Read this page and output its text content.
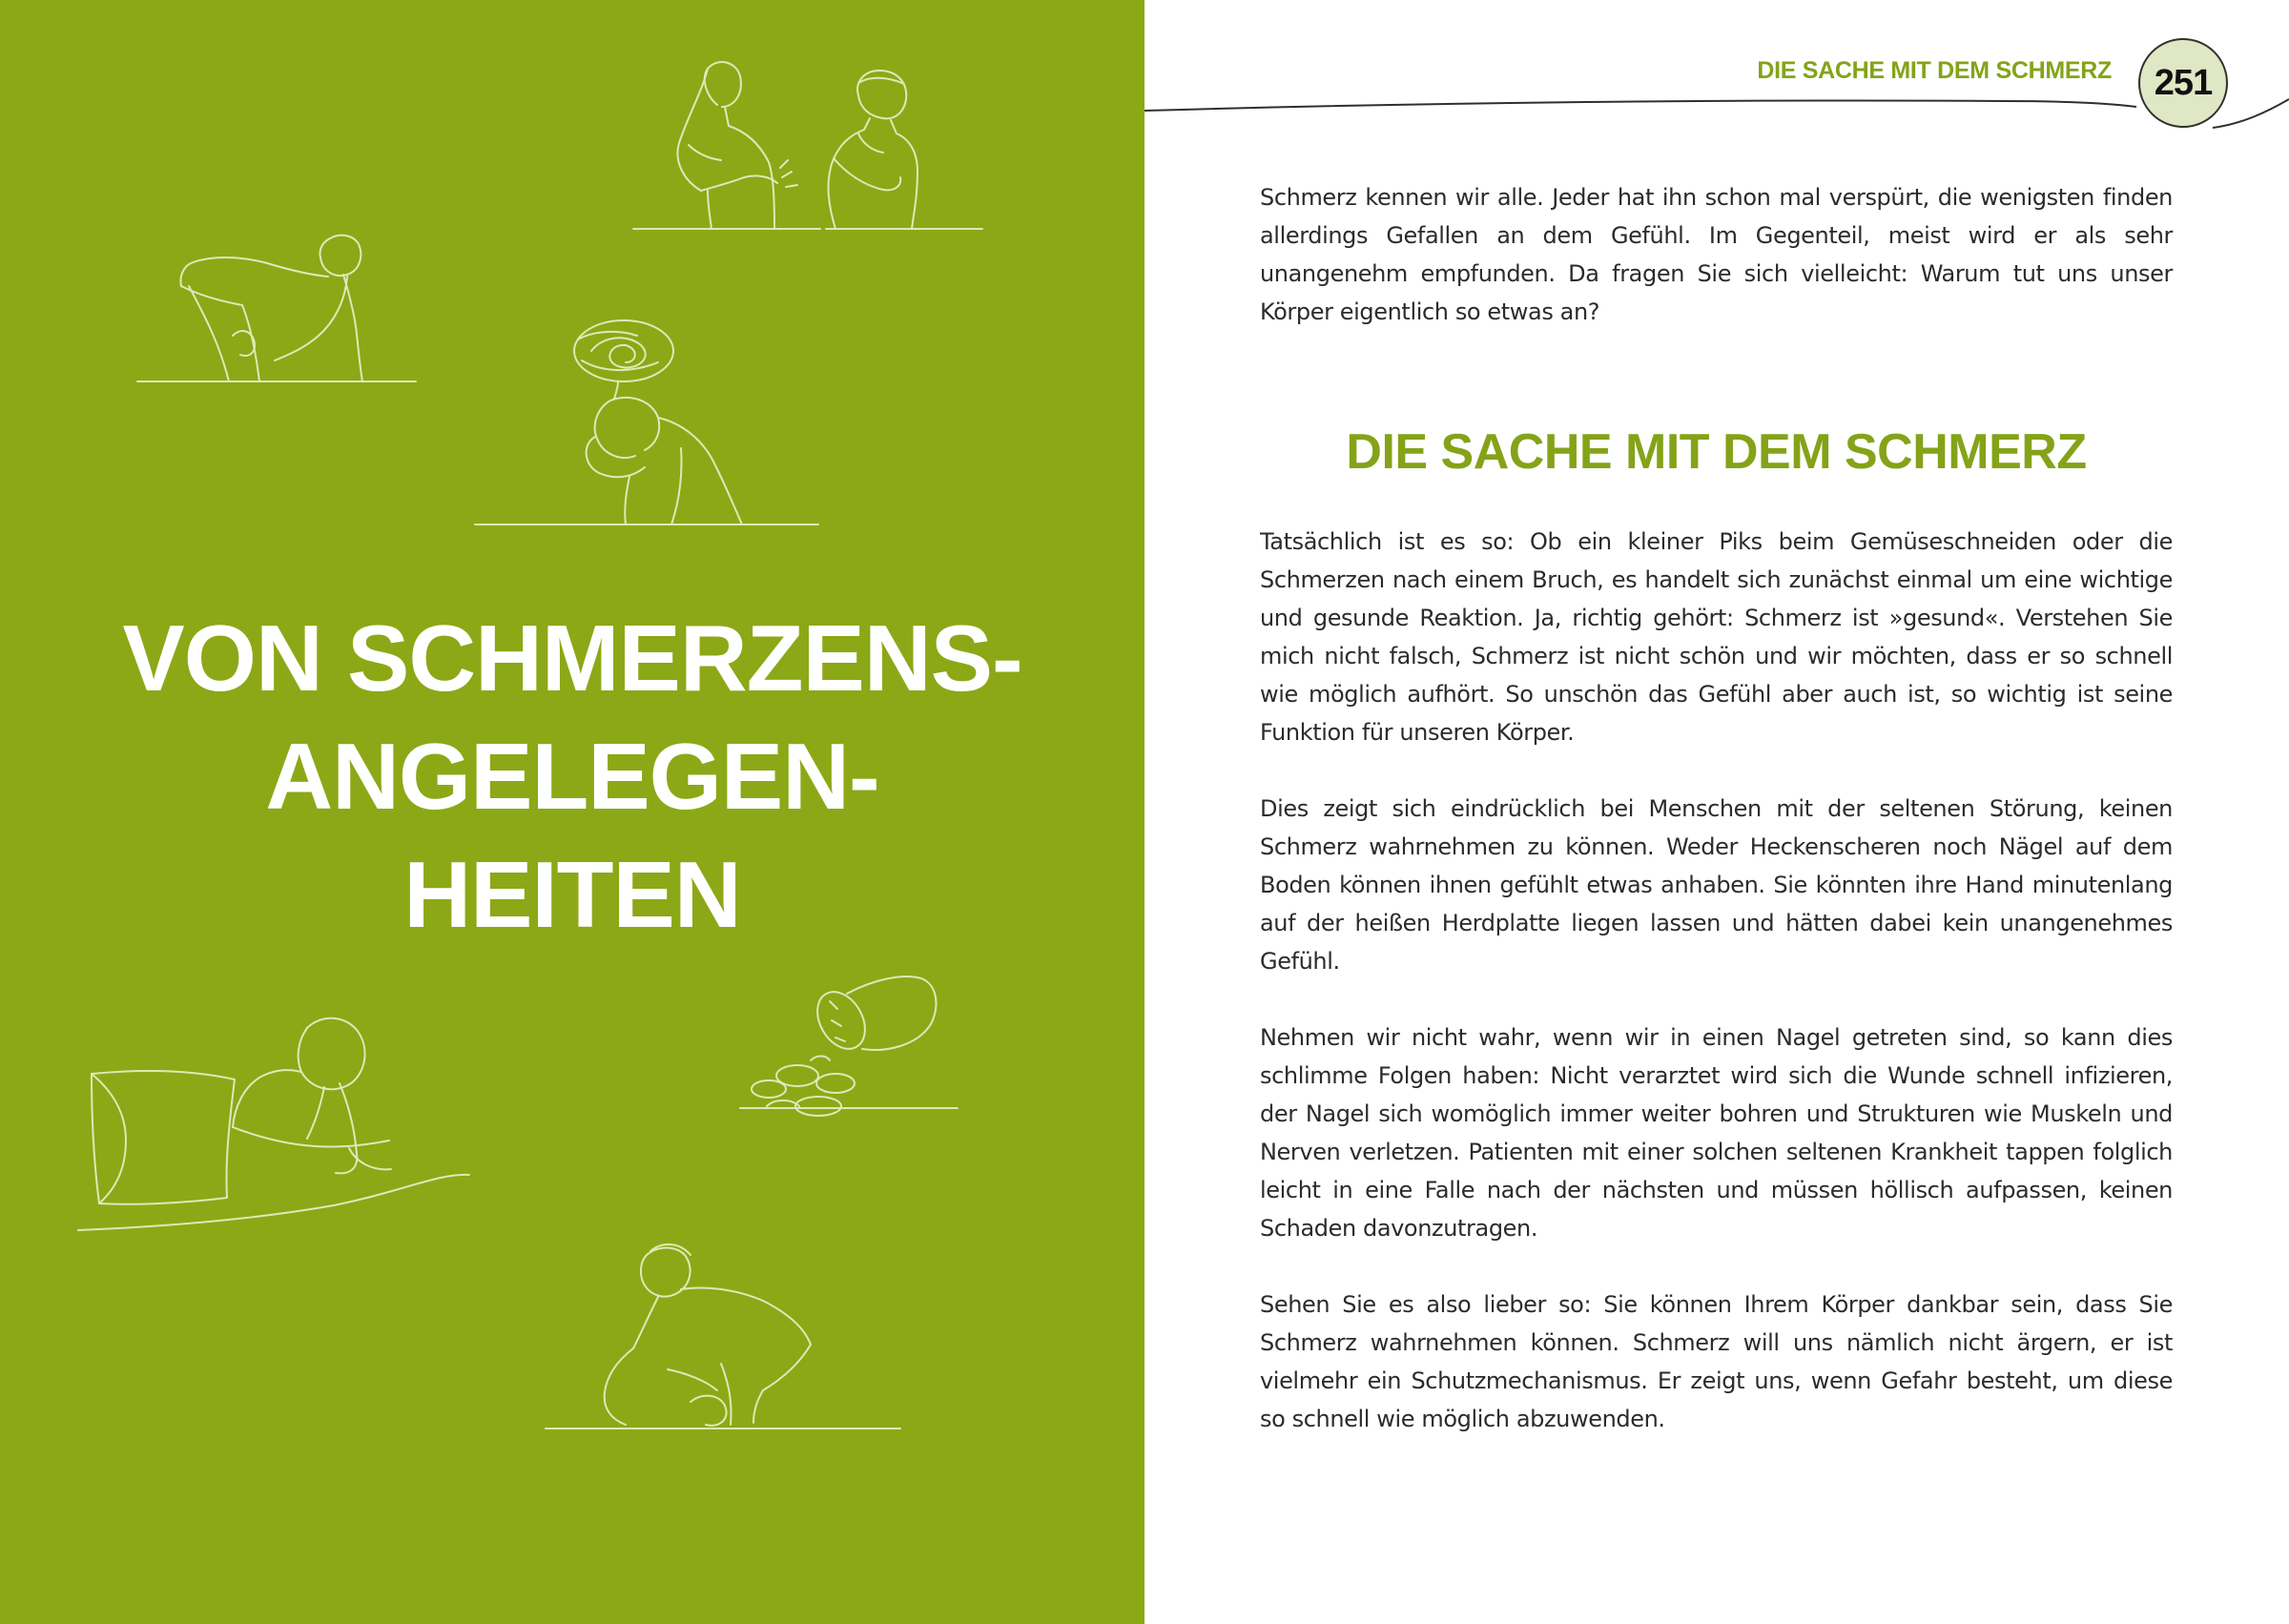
VON SCHMERZENS-
ANGELEGEN-
HEITEN
DIE SACHE MIT DEM SCHMERZ 251

Schmerz kennen wir alle. Jeder hat ihn schon mal verspürt, die wenigsten finden allerdings Gefallen an dem Gefühl. Im Gegenteil, meist wird er als sehr unangenehm empfunden. Da fragen Sie sich vielleicht: Warum tut uns unser Körper eigentlich so etwas an?

DIE SACHE MIT DEM SCHMERZ

Tatsächlich ist es so: Ob ein kleiner Piks beim Gemüseschneiden oder die Schmerzen nach einem Bruch, es handelt sich zunächst einmal um eine wichtige und gesunde Reaktion. Ja, richtig gehört: Schmerz ist »gesund«. Verstehen Sie mich nicht falsch, Schmerz ist nicht schön und wir möchten, dass er so schnell wie möglich aufhört. So unschön das Gefühl aber auch ist, so wichtig ist seine Funktion für unseren Körper.

Dies zeigt sich eindrücklich bei Menschen mit der seltenen Störung, keinen Schmerz wahrnehmen zu können. Weder Heckenscheren noch Nägel auf dem Boden können ihnen gefühlt etwas anhaben. Sie könnten ihre Hand minutenlang auf der heißen Herdplatte liegen lassen und hätten dabei kein unangenehmes Gefühl.

Nehmen wir nicht wahr, wenn wir in einen Nagel getreten sind, so kann dies schlimme Folgen haben: Nicht verarztet wird sich die Wunde schnell infizieren, der Nagel sich womöglich immer weiter bohren und Strukturen wie Muskeln und Nerven verletzen. Patienten mit einer solchen seltenen Krankheit tappen folglich leicht in eine Falle nach der nächsten und müssen höllisch aufpassen, keinen Schaden davonzutragen.

Sehen Sie es also lieber so: Sie können Ihrem Körper dankbar sein, dass Sie Schmerz wahrnehmen können. Schmerz will uns nämlich nicht ärgern, er ist vielmehr ein Schutzmechanismus. Er zeigt uns, wenn Gefahr besteht, um diese so schnell wie möglich abzuwenden.
